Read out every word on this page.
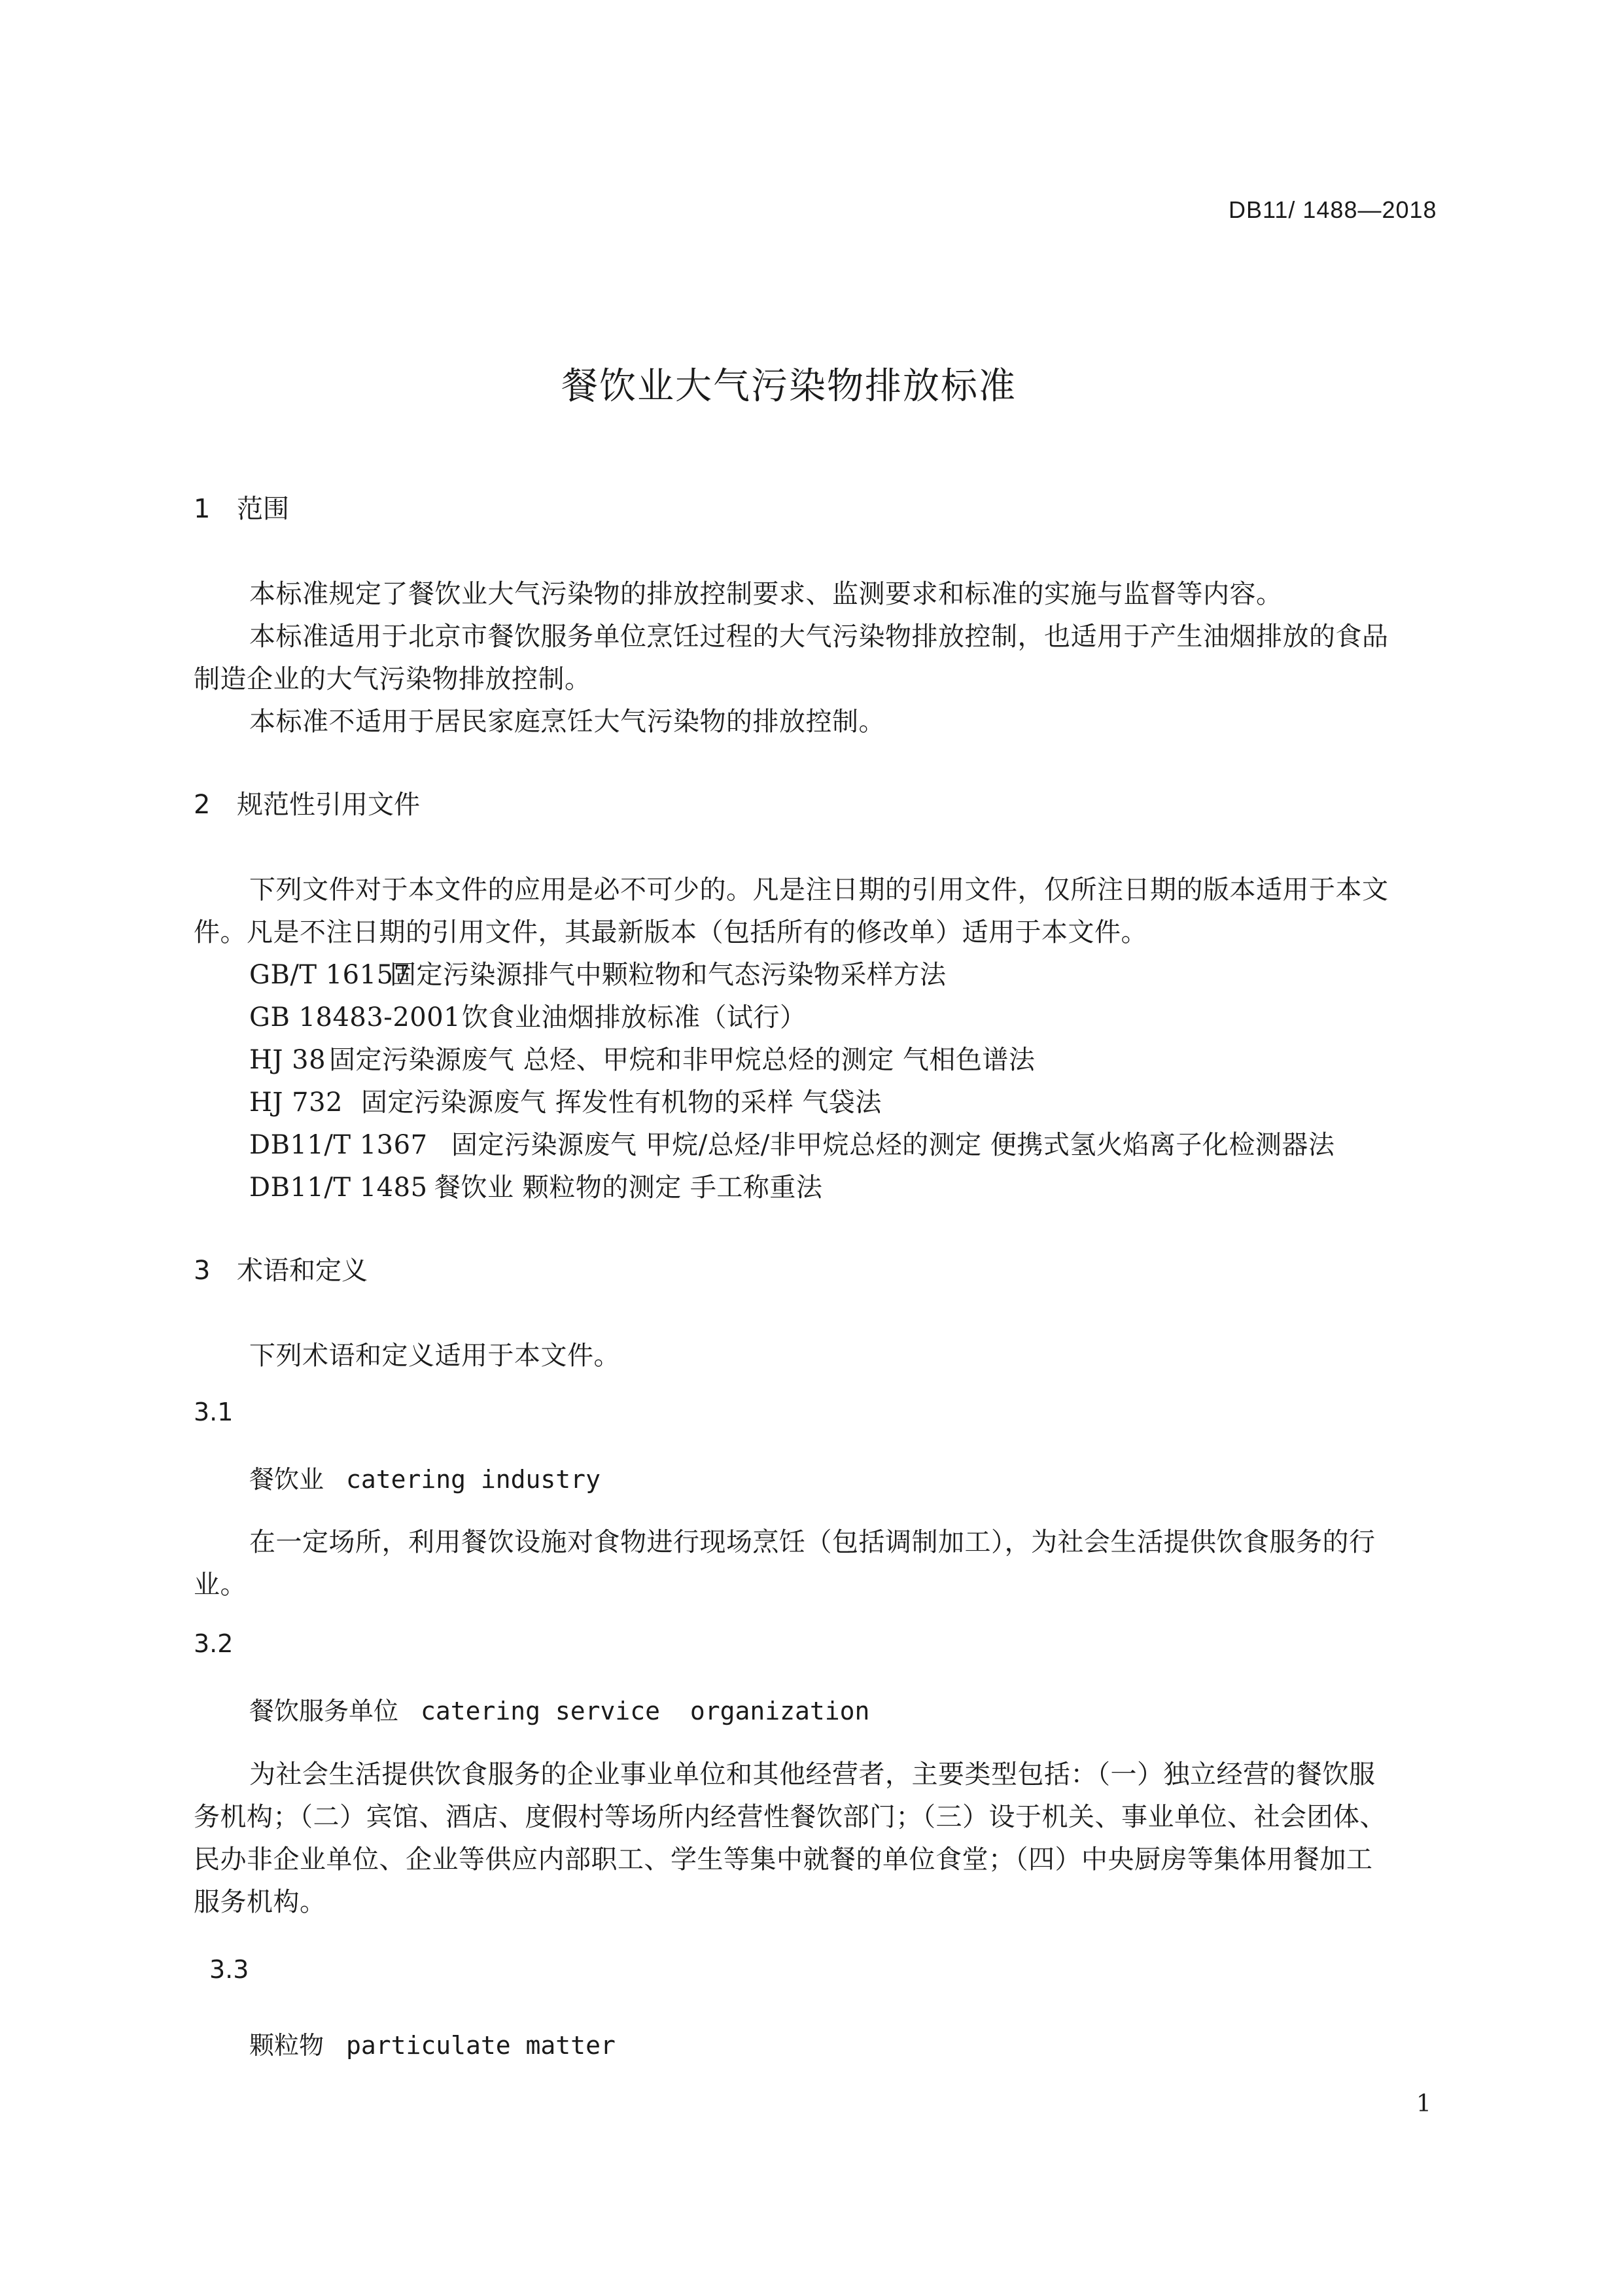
DB11/ 1488—2018
餐饮业大气污染物排放标准
1 范围
本标准规定了餐饮业大气污染物的排放控制要求、监测要求和标准的实施与监督等内容。
本标准适用于北京市餐饮服务单位烹饪过程的大气污染物排放控制，也适用于产生油烟排放的食品
制造企业的大气污染物排放控制。
本标准不适用于居民家庭烹饪大气污染物的排放控制。
2 规范性引用文件
下列文件对于本文件的应用是必不可少的。凡是注日期的引用文件，仅所注日期的版本适用于本文
件。凡是不注日期的引用文件，其最新版本（包括所有的修改单）适用于本文件。
GB/T 16157固定污染源排气中颗粒物和气态污染物采样方法
GB 18483-2001饮食业油烟排放标准（试行）
HJ 38 固定污染源废气 总烃、甲烷和非甲烷总烃的测定 气相色谱法
HJ 732 固定污染源废气 挥发性有机物的采样 气袋法
DB11/T 1367 固定污染源废气 甲烷/总烃/非甲烷总烃的测定 便携式氢火焰离子化检测器法
DB11/T 1485 餐饮业 颗粒物的测定 手工称重法
3 术语和定义
下列术语和定义适用于本文件。
3.1
餐饮业 catering industry
在一定场所，利用餐饮设施对食物进行现场烹饪（包括调制加工），为社会生活提供饮食服务的行
业。
3.2
餐饮服务单位 catering service  organization
为社会生活提供饮食服务的企业事业单位和其他经营者，主要类型包括：（一）独立经营的餐饮服
务机构；（二）宾馆、酒店、度假村等场所内经营性餐饮部门；（三）设于机关、事业单位、社会团体、
民办非企业单位、企业等供应内部职工、学生等集中就餐的单位食堂；（四）中央厨房等集体用餐加工
服务机构。
3.3
颗粒物 particulate matter
1
